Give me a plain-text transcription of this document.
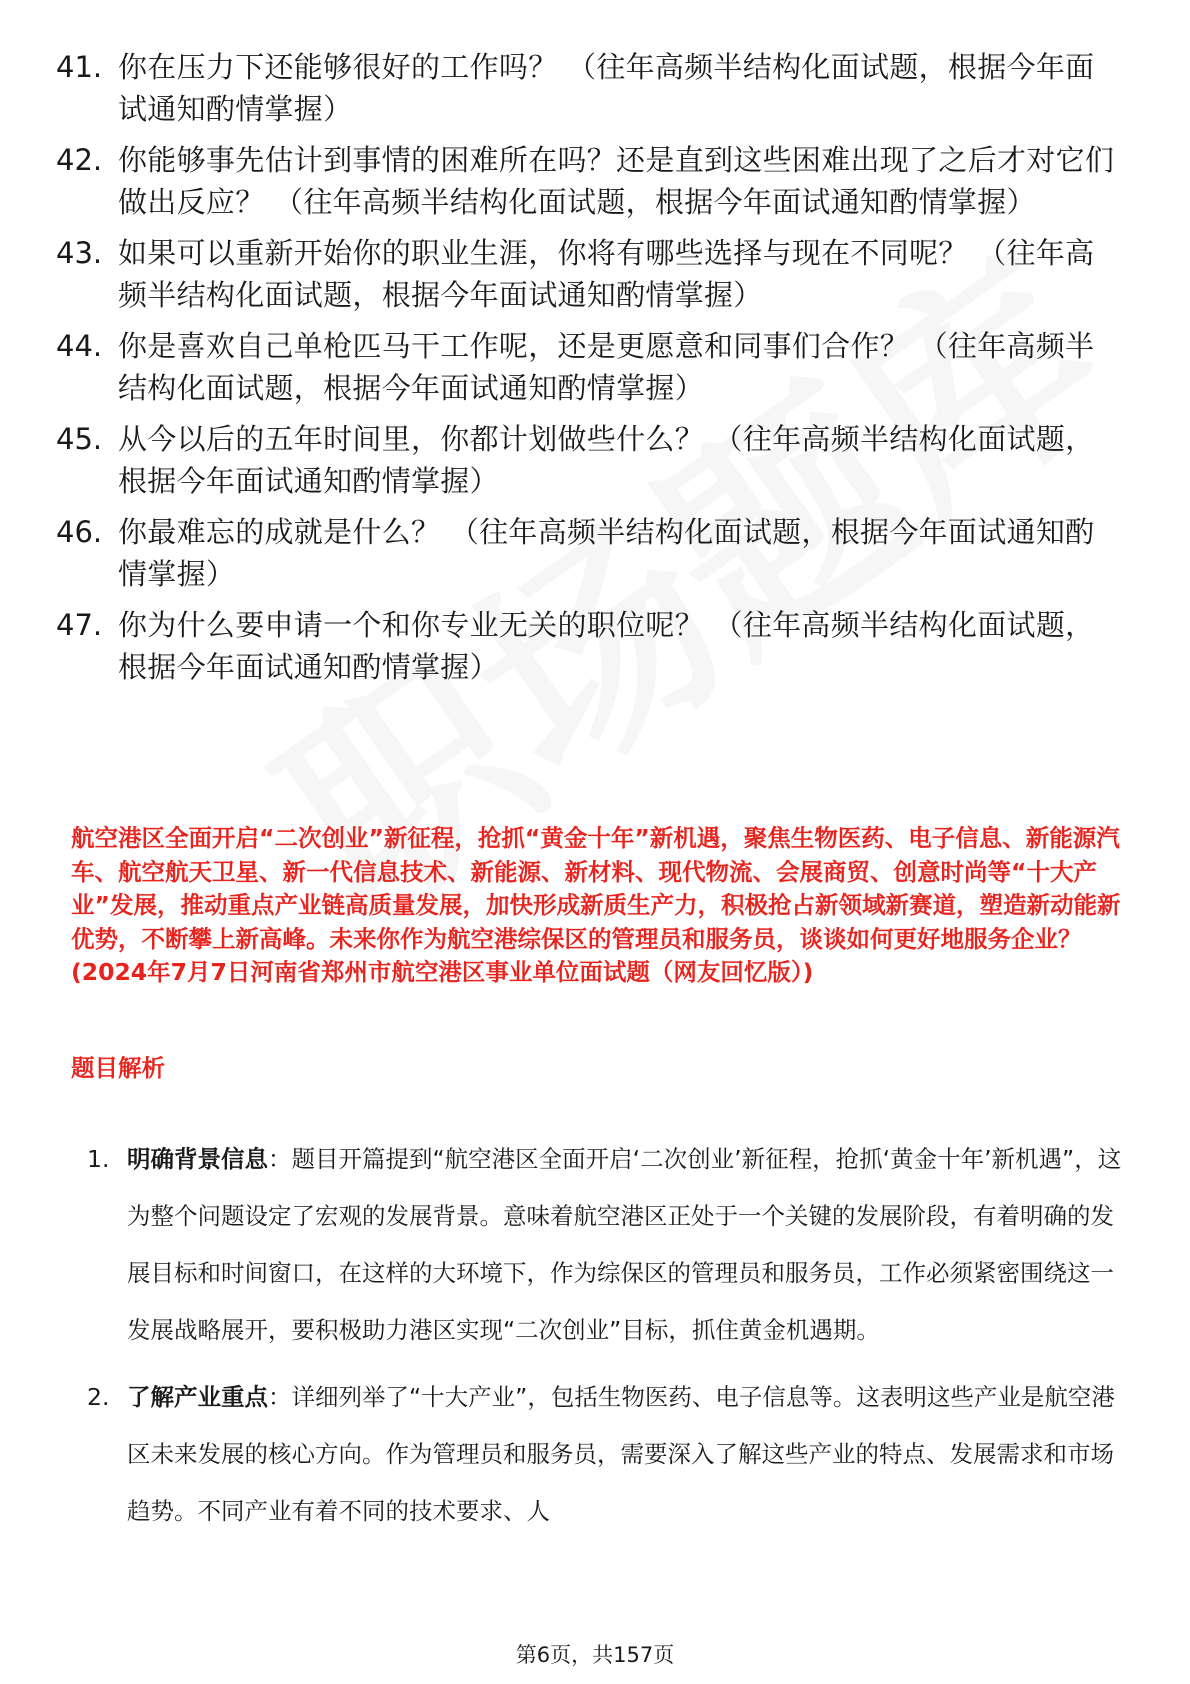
41. 你在压力下还能够很好的工作吗？ （往年高频半结构化面试题，根据今年面试通知酌情掌握）
42. 你能够事先估计到事情的困难所在吗？还是直到这些困难出现了之后才对它们做出反应？ （往年高频半结构化面试题，根据今年面试通知酌情掌握）
43. 如果可以重新开始你的职业生涯，你将有哪些选择与现在不同呢？ （往年高频半结构化面试题，根据今年面试通知酌情掌握）
44. 你是喜欢自己单枪匹马干工作呢，还是更愿意和同事们合作？ （往年高频半结构化面试题，根据今年面试通知酌情掌握）
45. 从今以后的五年时间里，你都计划做些什么？ （往年高频半结构化面试题，根据今年面试通知酌情掌握）
46. 你最难忘的成就是什么？ （往年高频半结构化面试题，根据今年面试通知酌情掌握）
47. 你为什么要申请一个和你专业无关的职位呢？ （往年高频半结构化面试题，根据今年面试通知酌情掌握）
航空港区全面开启“二次创业”新征程，抢抓“黄金十年”新机遇，聚焦生物医药、电子信息、新能源汽车、航空航天卫星、新一代信息技术、新能源、新材料、现代物流、会展商贸、创意时尚等“十大产业”发展，推动重点产业链高质量发展，加快形成新质生产力，积极抢占新领域新赛道，塑造新动能新优势，不断攀上新高峰。未来你作为航空港综保区的管理员和服务员，谈谈如何更好地服务企业？(2024年7月7日河南省郑州市航空港区事业单位面试题（网友回忆版）)
题目解析
1. 明确背景信息：题目开篇提到“航空港区全面开启‘二次创业’新征程，抢抓‘黄金十年’新机遇”，这为整个问题设定了宏观的发展背景。意味着航空港区正处于一个关键的发展阶段，有着明确的发展目标和时间窗口，在这样的大环境下，作为综保区的管理员和服务员，工作必须紧密围绕这一发展战略展开，要积极助力港区实现“二次创业”目标，抓住黄金机遇期。
2. 了解产业重点：详细列举了“十大产业”，包括生物医药、电子信息等。这表明这些产业是航空港区未来发展的核心方向。作为管理员和服务员，需要深入了解这些产业的特点、发展需求和市场趋势。不同产业有着不同的技术要求、人
第6页，共157页
